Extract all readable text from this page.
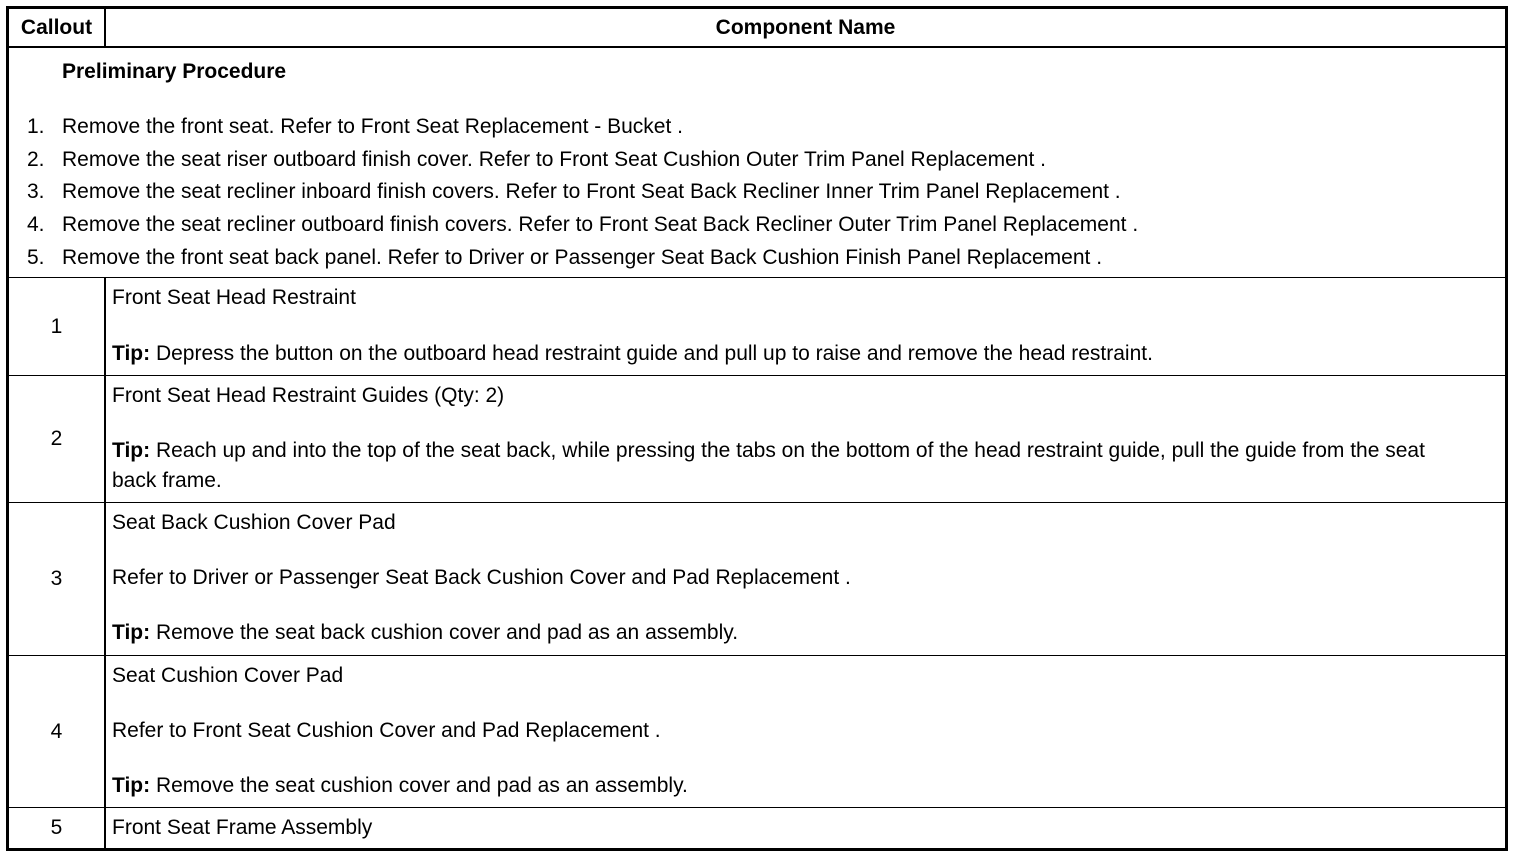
Callout	Component Name
Preliminary Procedure
1. Remove the front seat. Refer to Front Seat Replacement - Bucket .
2. Remove the seat riser outboard finish cover. Refer to Front Seat Cushion Outer Trim Panel Replacement .
3. Remove the seat recliner inboard finish covers. Refer to Front Seat Back Recliner Inner Trim Panel Replacement .
4. Remove the seat recliner outboard finish covers. Refer to Front Seat Back Recliner Outer Trim Panel Replacement .
5. Remove the front seat back panel. Refer to Driver or Passenger Seat Back Cushion Finish Panel Replacement .
1
Front Seat Head Restraint
Tip: Depress the button on the outboard head restraint guide and pull up to raise and remove the head restraint.
2
Front Seat Head Restraint Guides (Qty: 2)
Tip: Reach up and into the top of the seat back, while pressing the tabs on the bottom of the head restraint guide, pull the guide from the seat back frame.
3
Seat Back Cushion Cover Pad
Refer to Driver or Passenger Seat Back Cushion Cover and Pad Replacement .
Tip: Remove the seat back cushion cover and pad as an assembly.
4
Seat Cushion Cover Pad
Refer to Front Seat Cushion Cover and Pad Replacement .
Tip: Remove the seat cushion cover and pad as an assembly.
5	Front Seat Frame Assembly
